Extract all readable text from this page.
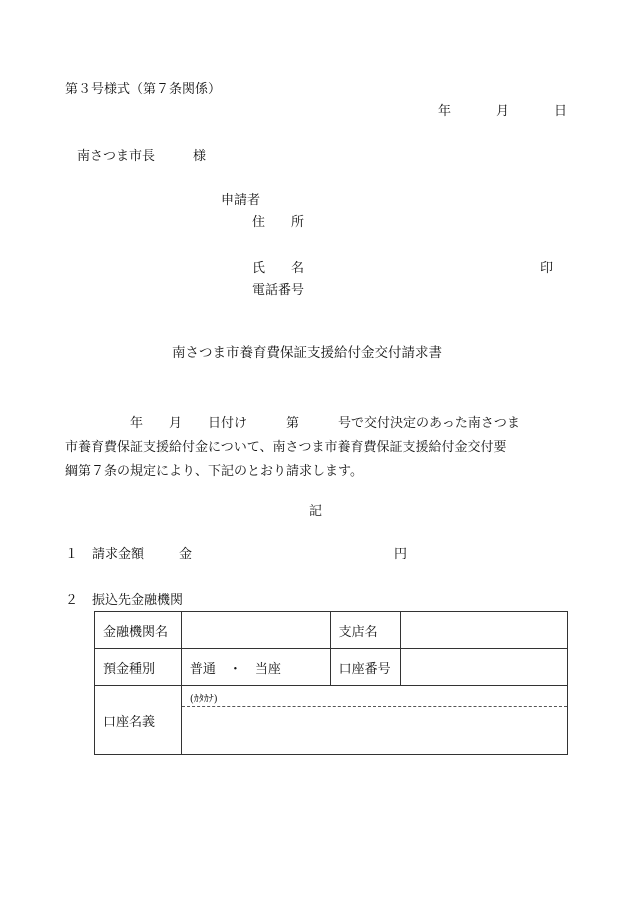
第３号様式（第７条関係）
年	月	日
南さつま市長	様
申請者
住　　所
氏　　名	印
電話番号
南さつま市養育費保証支援給付金交付請求書
　　　　　年　　月　　日付け　　　第　　　号で交付決定のあった南さつま
市養育費保証支援給付金について、南さつま市養育費保証支援給付金交付要
綱第７条の規定により、下記のとおり請求します。
記
１ 請求金額	金	円
２ 振込先金融機関
金融機関名		支店名	
預金種別	普通　・　当座	口座番号	
口座名義	(ｶﾀｶﾅ)		
